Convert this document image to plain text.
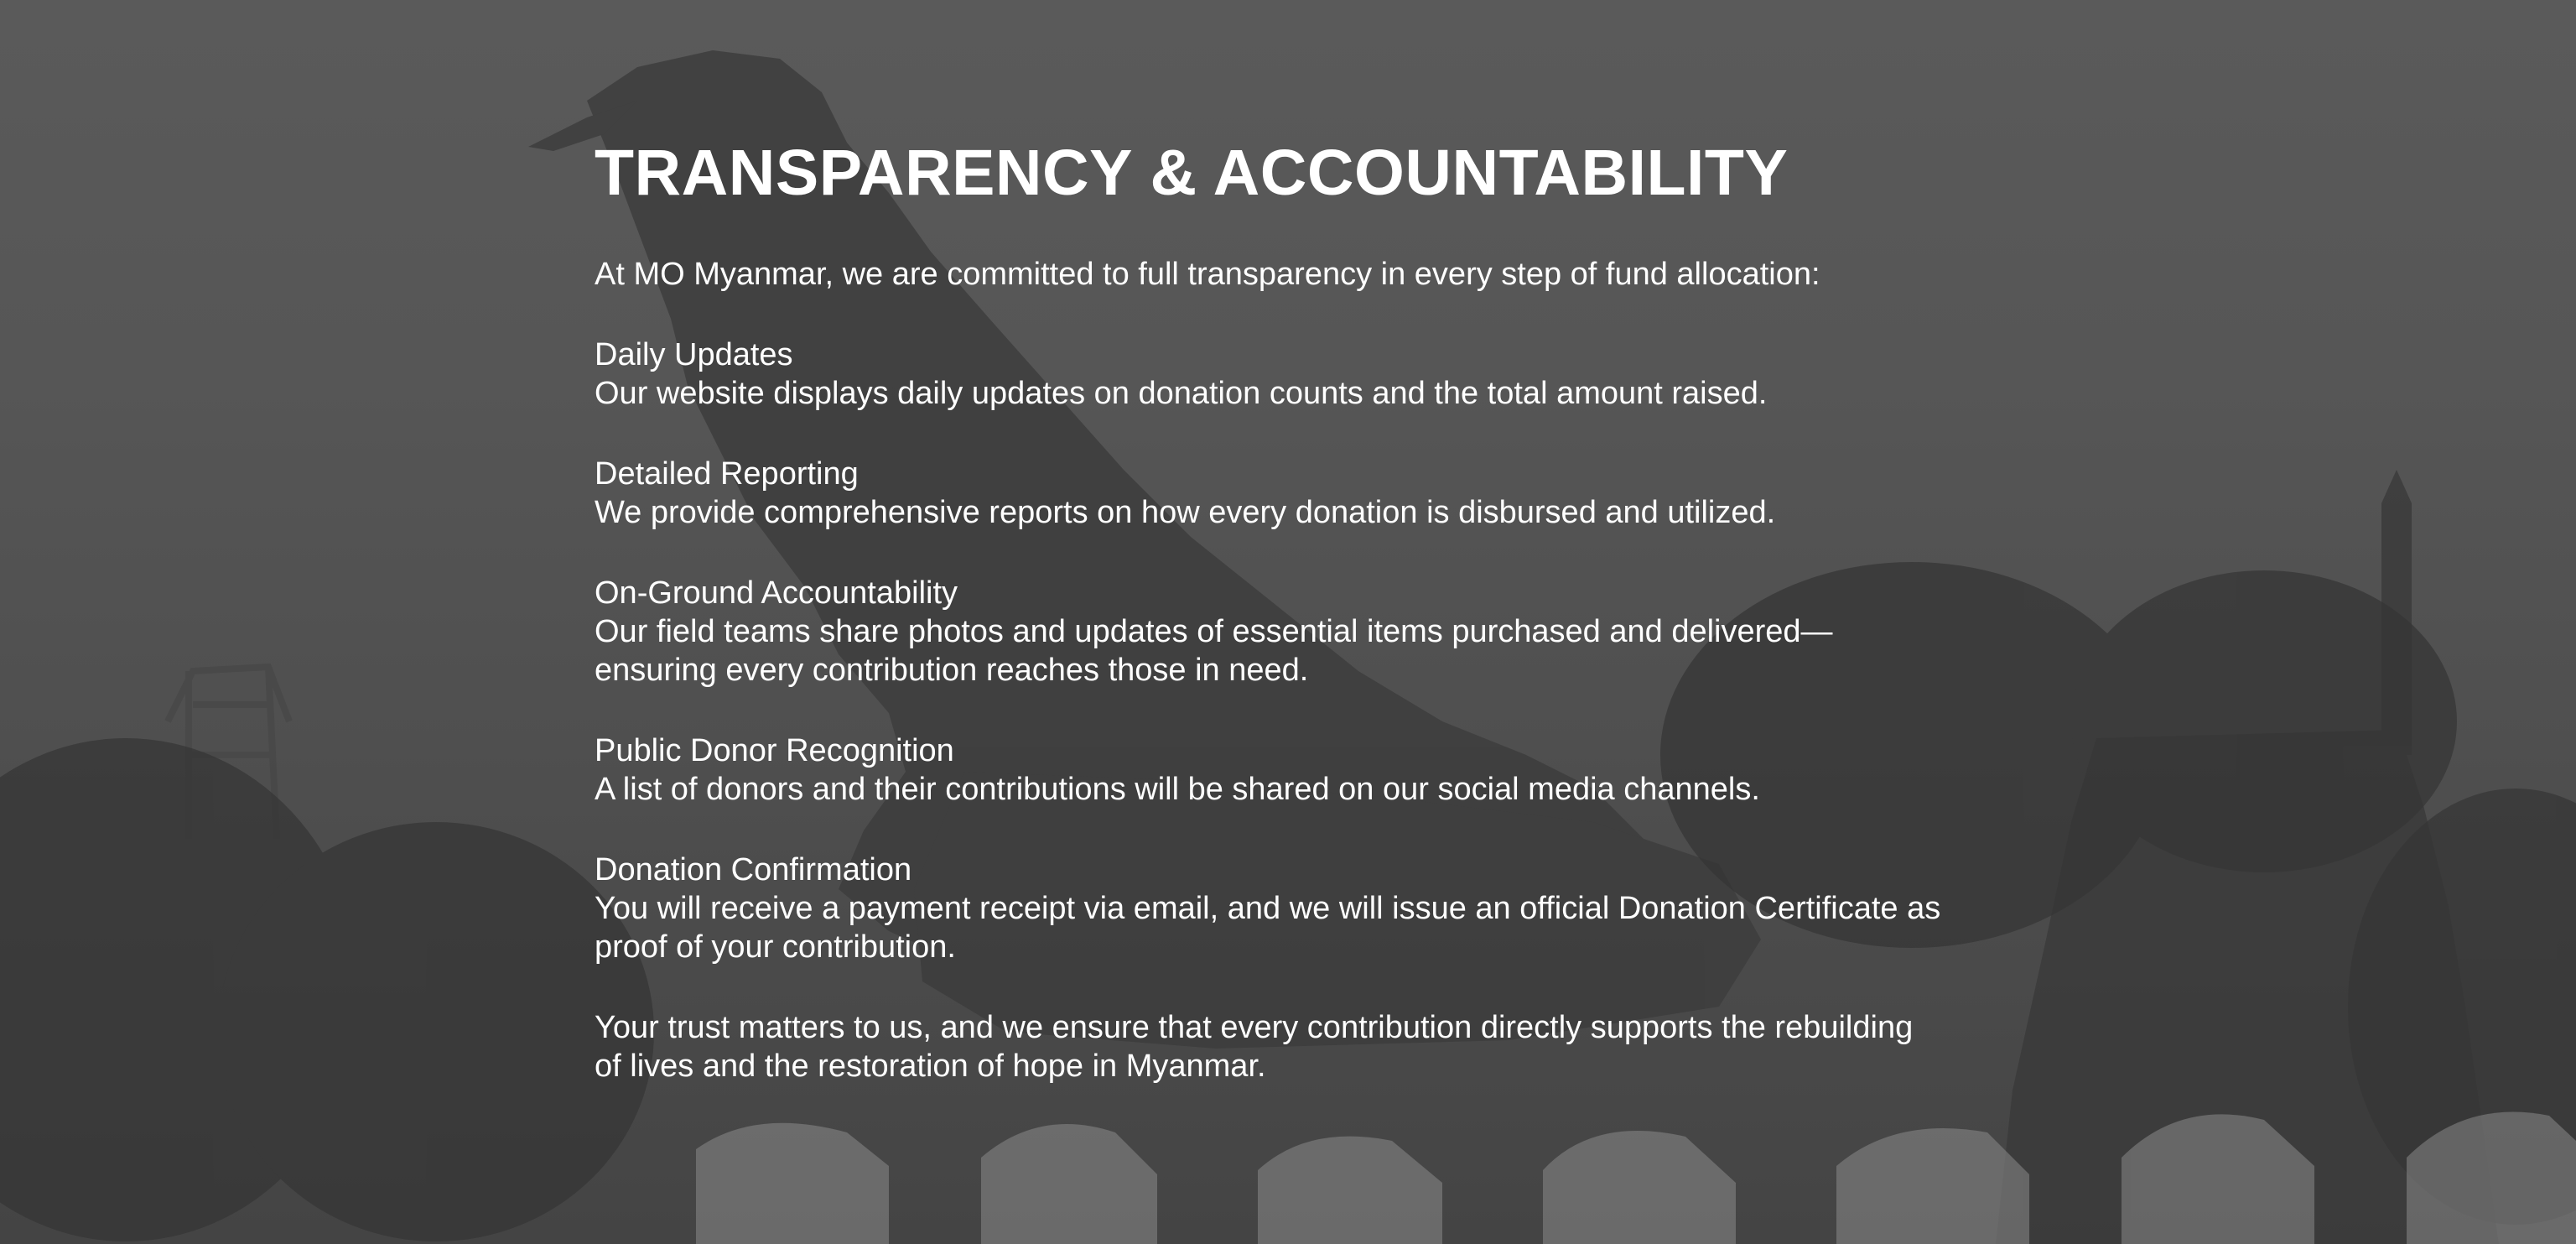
TRANSPARENCY & ACCOUNTABILITY

At MO Myanmar, we are committed to full transparency in every step of fund allocation:

Daily Updates

Our website displays daily updates on donation counts and the total amount raised.

Detailed Reporting

We provide comprehensive reports on how every donation is disbursed and utilized.

On-Ground Accountability

Our field teams share photos and updates of essential items purchased and delivered—
ensuring every contribution reaches those in need.

Public Donor Recognition

A list of donors and their contributions will be shared on our social media channels.

Donation Confirmation

You will receive a payment receipt via email, and we will issue an official Donation Certificate as
proof of your contribution.

Your trust matters to us, and we ensure that every contribution directly supports the rebuilding
of lives and the restoration of hope in Myanmar.
